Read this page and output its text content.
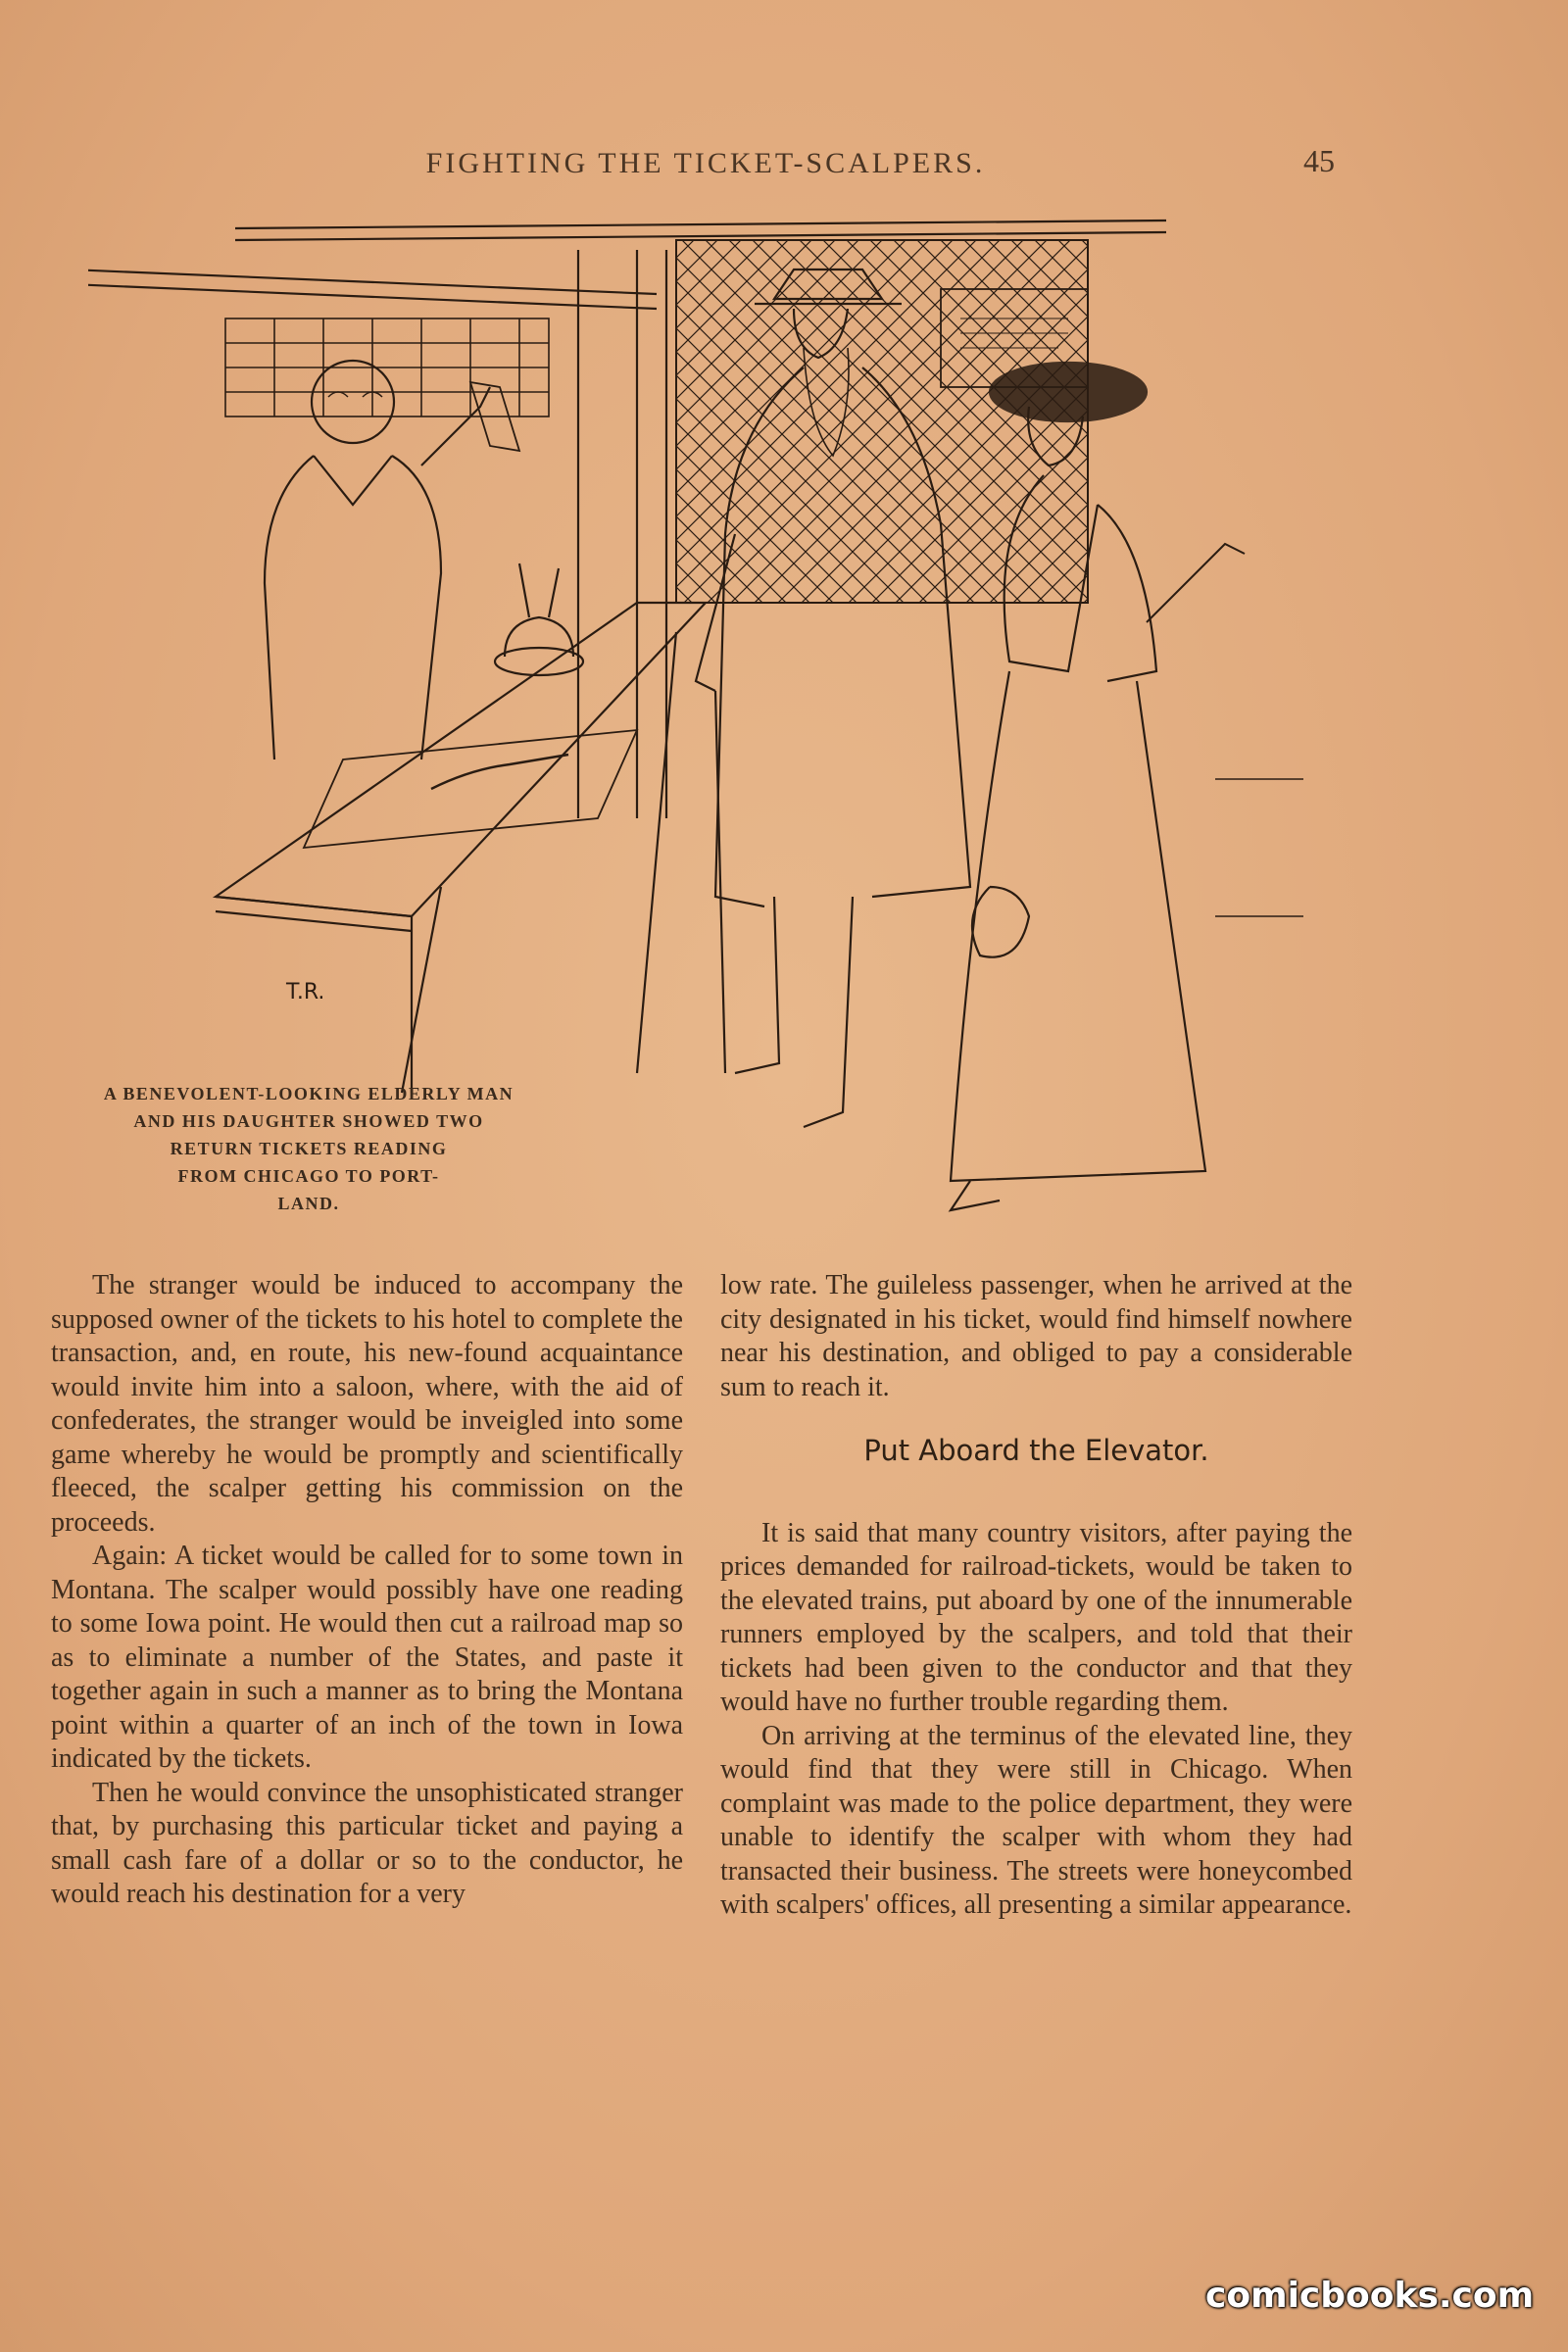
FIGHTING THE TICKET-SCALPERS.	45
T.R.
A BENEVOLENT-LOOKING ELDERLY MAN
AND HIS DAUGHTER SHOWED TWO
RETURN TICKETS READING
FROM CHICAGO TO PORT-
LAND.

The stranger would be induced to accompany the supposed owner of the tickets to his hotel to complete the transaction, and, en route, his new-found acquaintance would invite him into a saloon, where, with the aid of confederates, the stranger would be inveigled into some game whereby he would be promptly and scientifically fleeced, the scalper getting his commission on the proceeds.

Again: A ticket would be called for to some town in Montana. The scalper would possibly have one reading to some Iowa point. He would then cut a railroad map so as to eliminate a number of the States, and paste it together again in such a manner as to bring the Montana point within a quarter of an inch of the town in Iowa indicated by the tickets.

Then he would convince the unsophisticated stranger that, by purchasing this particular ticket and paying a small cash fare of a dollar or so to the conductor, he would reach his destination for a very

low rate. The guileless passenger, when he arrived at the city designated in his ticket, would find himself nowhere near his destination, and obliged to pay a considerable sum to reach it.

Put Aboard the Elevator.

It is said that many country visitors, after paying the prices demanded for railroad-tickets, would be taken to the elevated trains, put aboard by one of the innumerable runners employed by the scalpers, and told that their tickets had been given to the conductor and that they would have no further trouble regarding them.

On arriving at the terminus of the elevated line, they would find that they were still in Chicago. When complaint was made to the police department, they were unable to identify the scalper with whom they had transacted their business. The streets were honeycombed with scalpers' offices, all presenting a similar appearance.

comicbooks.com
